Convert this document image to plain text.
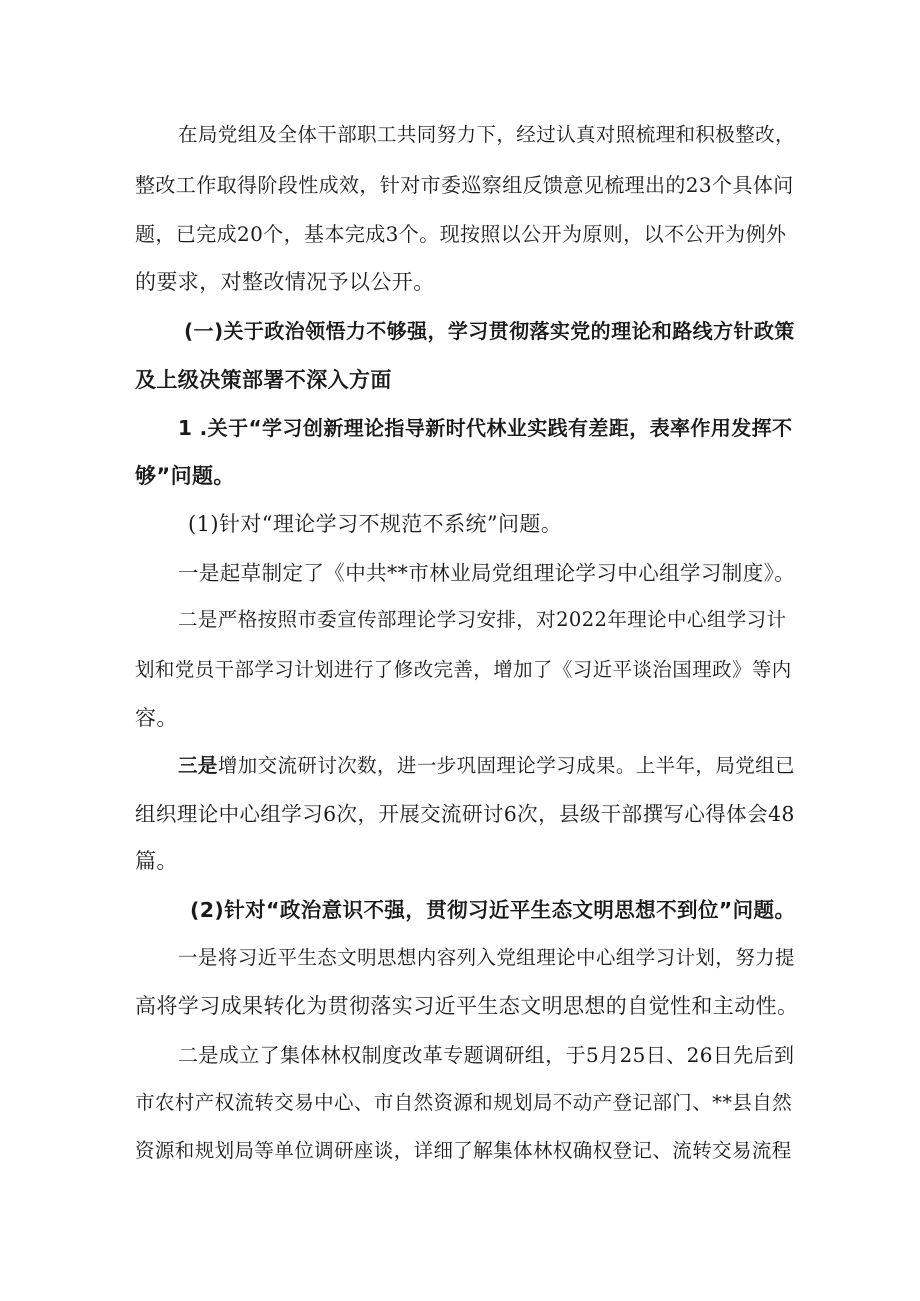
在局党组及全体干部职工共同努力下，经过认真对照梳理和积极整改，
整改工作取得阶段性成效，针对市委巡察组反馈意见梳理出的23个具体问
题，已完成20个，基本完成3个。现按照以公开为原则，以不公开为例外
的要求，对整改情况予以公开。
(一)关于政治领悟力不够强，学习贯彻落实党的理论和路线方针政策
及上级决策部署不深入方面
1 .关于“学习创新理论指导新时代林业实践有差距，表率作用发挥不
够”问题。
(1)针对“理论学习不规范不系统”问题。
一是起草制定了《中共**市林业局党组理论学习中心组学习制度》。
二是严格按照市委宣传部理论学习安排，对2022年理论中心组学习计
划和党员干部学习计划进行了修改完善，增加了《习近平谈治国理政》等内
容。
三是增加交流研讨次数，进一步巩固理论学习成果。上半年，局党组已
组织理论中心组学习6次，开展交流研讨6次，县级干部撰写心得体会48
篇。
(2)针对“政治意识不强，贯彻习近平生态文明思想不到位”问题。
一是将习近平生态文明思想内容列入党组理论中心组学习计划，努力提
高将学习成果转化为贯彻落实习近平生态文明思想的自觉性和主动性。
二是成立了集体林权制度改革专题调研组，于5月25日、26日先后到
市农村产权流转交易中心、市自然资源和规划局不动产登记部门、**县自然
资源和规划局等单位调研座谈，详细了解集体林权确权登记、流转交易流程
